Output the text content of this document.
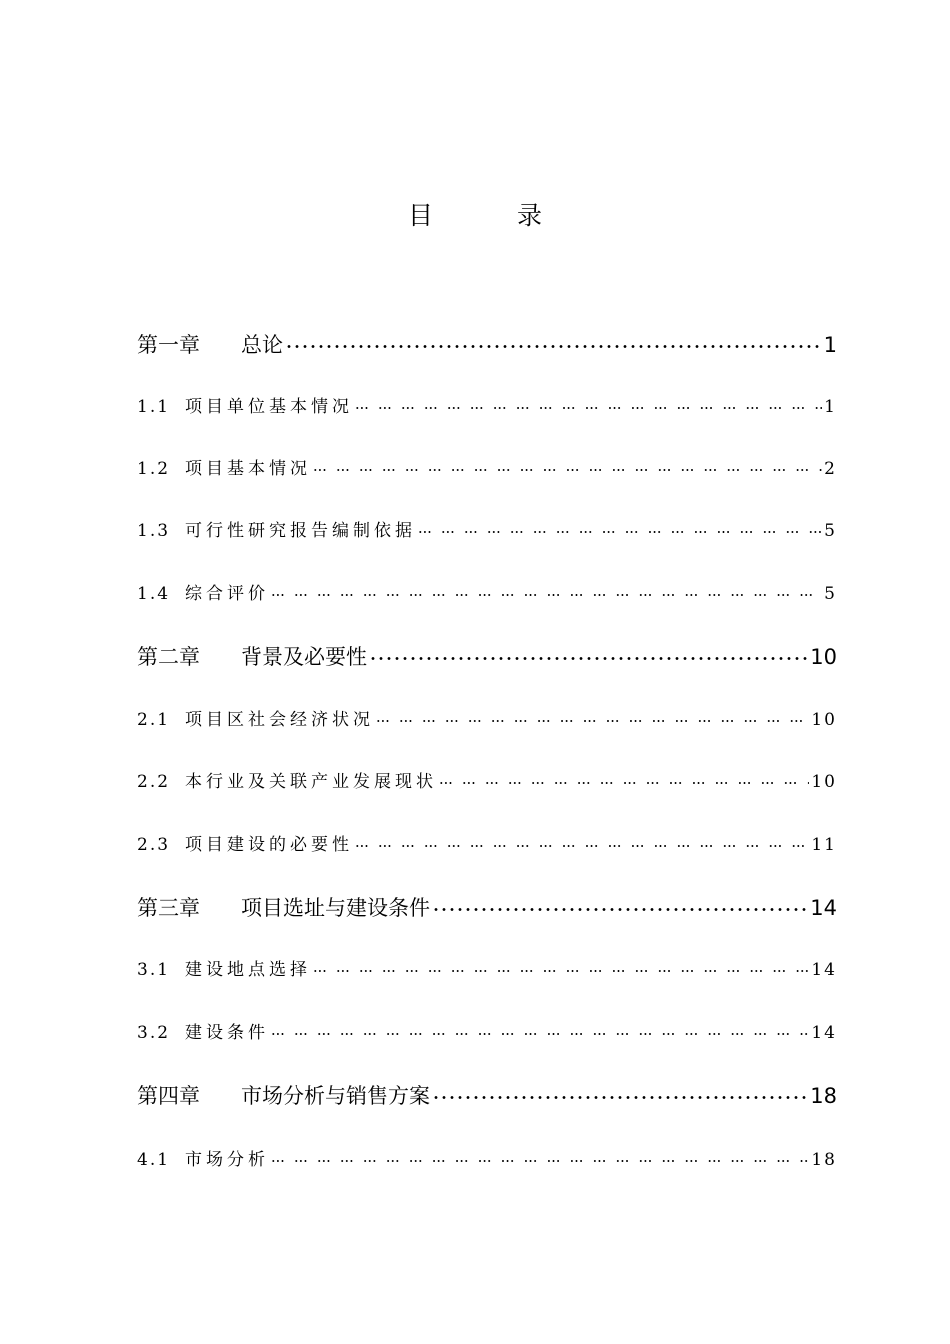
目 录
第一章	总论	1
1.1 项目单位基本情况	1
1.2 项目基本情况	2
1.3 可行性研究报告编制依据	5
1.4 综合评价	5
第二章	背景及必要性	10
2.1 项目区社会经济状况	10
2.2 本行业及关联产业发展现状	10
2.3 项目建设的必要性	11
第三章	项目选址与建设条件	14
3.1 建设地点选择	14
3.2 建设条件	14
第四章	市场分析与销售方案	18
4.1 市场分析	18
